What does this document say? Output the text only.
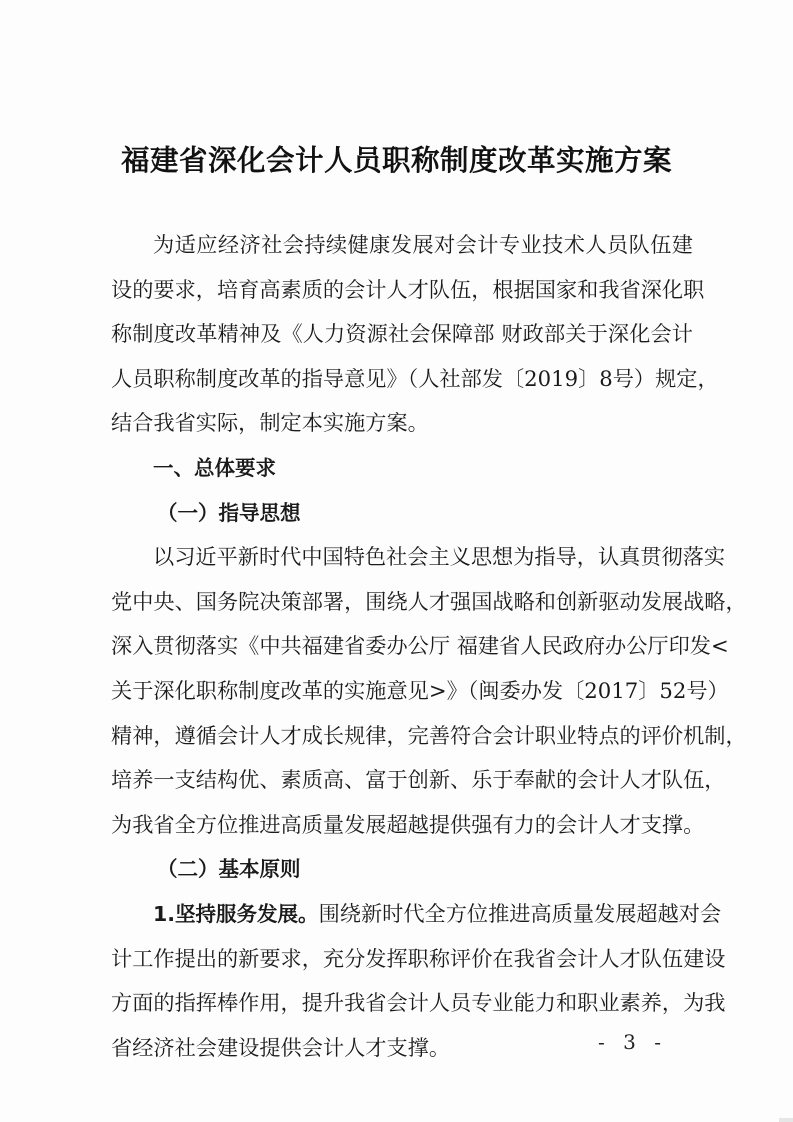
福建省深化会计人员职称制度改革实施方案
为适应经济社会持续健康发展对会计专业技术人员队伍建
设的要求，培育高素质的会计人才队伍，根据国家和我省深化职
称制度改革精神及《人力资源社会保障部 财政部关于深化会计
人员职称制度改革的指导意见》（人社部发〔2019〕8号）规定，
结合我省实际，制定本实施方案。
一、总体要求
（一）指导思想
以习近平新时代中国特色社会主义思想为指导，认真贯彻落实
党中央、国务院决策部署，围绕人才强国战略和创新驱动发展战略，
深入贯彻落实《中共福建省委办公厅 福建省人民政府办公厅印发<
关于深化职称制度改革的实施意见>》（闽委办发〔2017〕52号）
精神，遵循会计人才成长规律，完善符合会计职业特点的评价机制，
培养一支结构优、素质高、富于创新、乐于奉献的会计人才队伍，
为我省全方位推进高质量发展超越提供强有力的会计人才支撑。
（二）基本原则
1.坚持服务发展。围绕新时代全方位推进高质量发展超越对会
计工作提出的新要求，充分发挥职称评价在我省会计人才队伍建设
方面的指挥棒作用，提升我省会计人员专业能力和职业素养，为我
省经济社会建设提供会计人才支撑。	- 3 -
